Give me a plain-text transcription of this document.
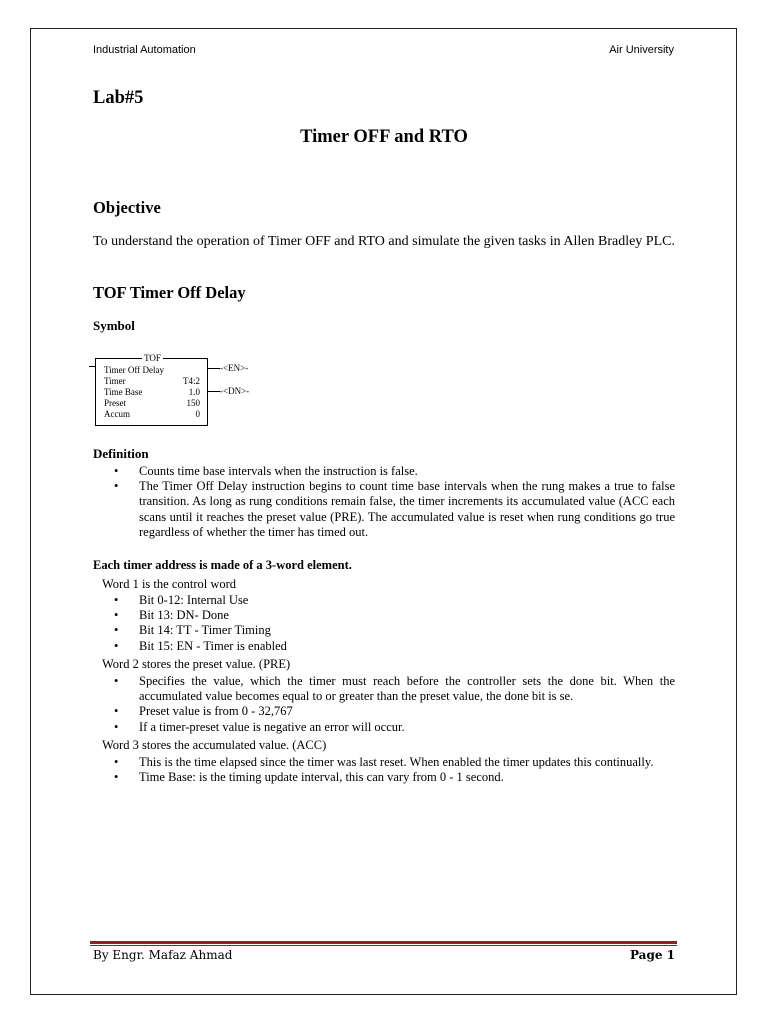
Industrial Automation	Air University
Lab#5
Timer OFF and RTO
Objective
To understand the operation of Timer OFF and RTO and simulate the given tasks in Allen Bradley PLC.
TOF Timer Off Delay
Symbol
TOF
Timer Off Delay
Timer	T4:2
Time Base	1.0
Preset	150
Accum	0
-<EN>-
-<DN>-
Definition
• Counts time base intervals when the instruction is false.
• The Timer Off Delay instruction begins to count time base intervals when the rung makes a true to false transition. As long as rung conditions remain false, the timer increments its accumulated value (ACC each scans until it reaches the preset value (PRE). The accumulated value is reset when rung conditions go true regardless of whether the timer has timed out.
Each timer address is made of a 3-word element.
Word 1 is the control word
• Bit 0-12: Internal Use
• Bit 13: DN- Done
• Bit 14: TT - Timer Timing
• Bit 15: EN - Timer is enabled
Word 2 stores the preset value. (PRE)
• Specifies the value, which the timer must reach before the controller sets the done bit. When the accumulated value becomes equal to or greater than the preset value, the done bit is se.
• Preset value is from 0 - 32,767
• If a timer-preset value is negative an error will occur.
Word 3 stores the accumulated value. (ACC)
• This is the time elapsed since the timer was last reset. When enabled the timer updates this continually.
• Time Base: is the timing update interval, this can vary from 0 - 1 second.
By Engr. Mafaz Ahmad	Page 1
